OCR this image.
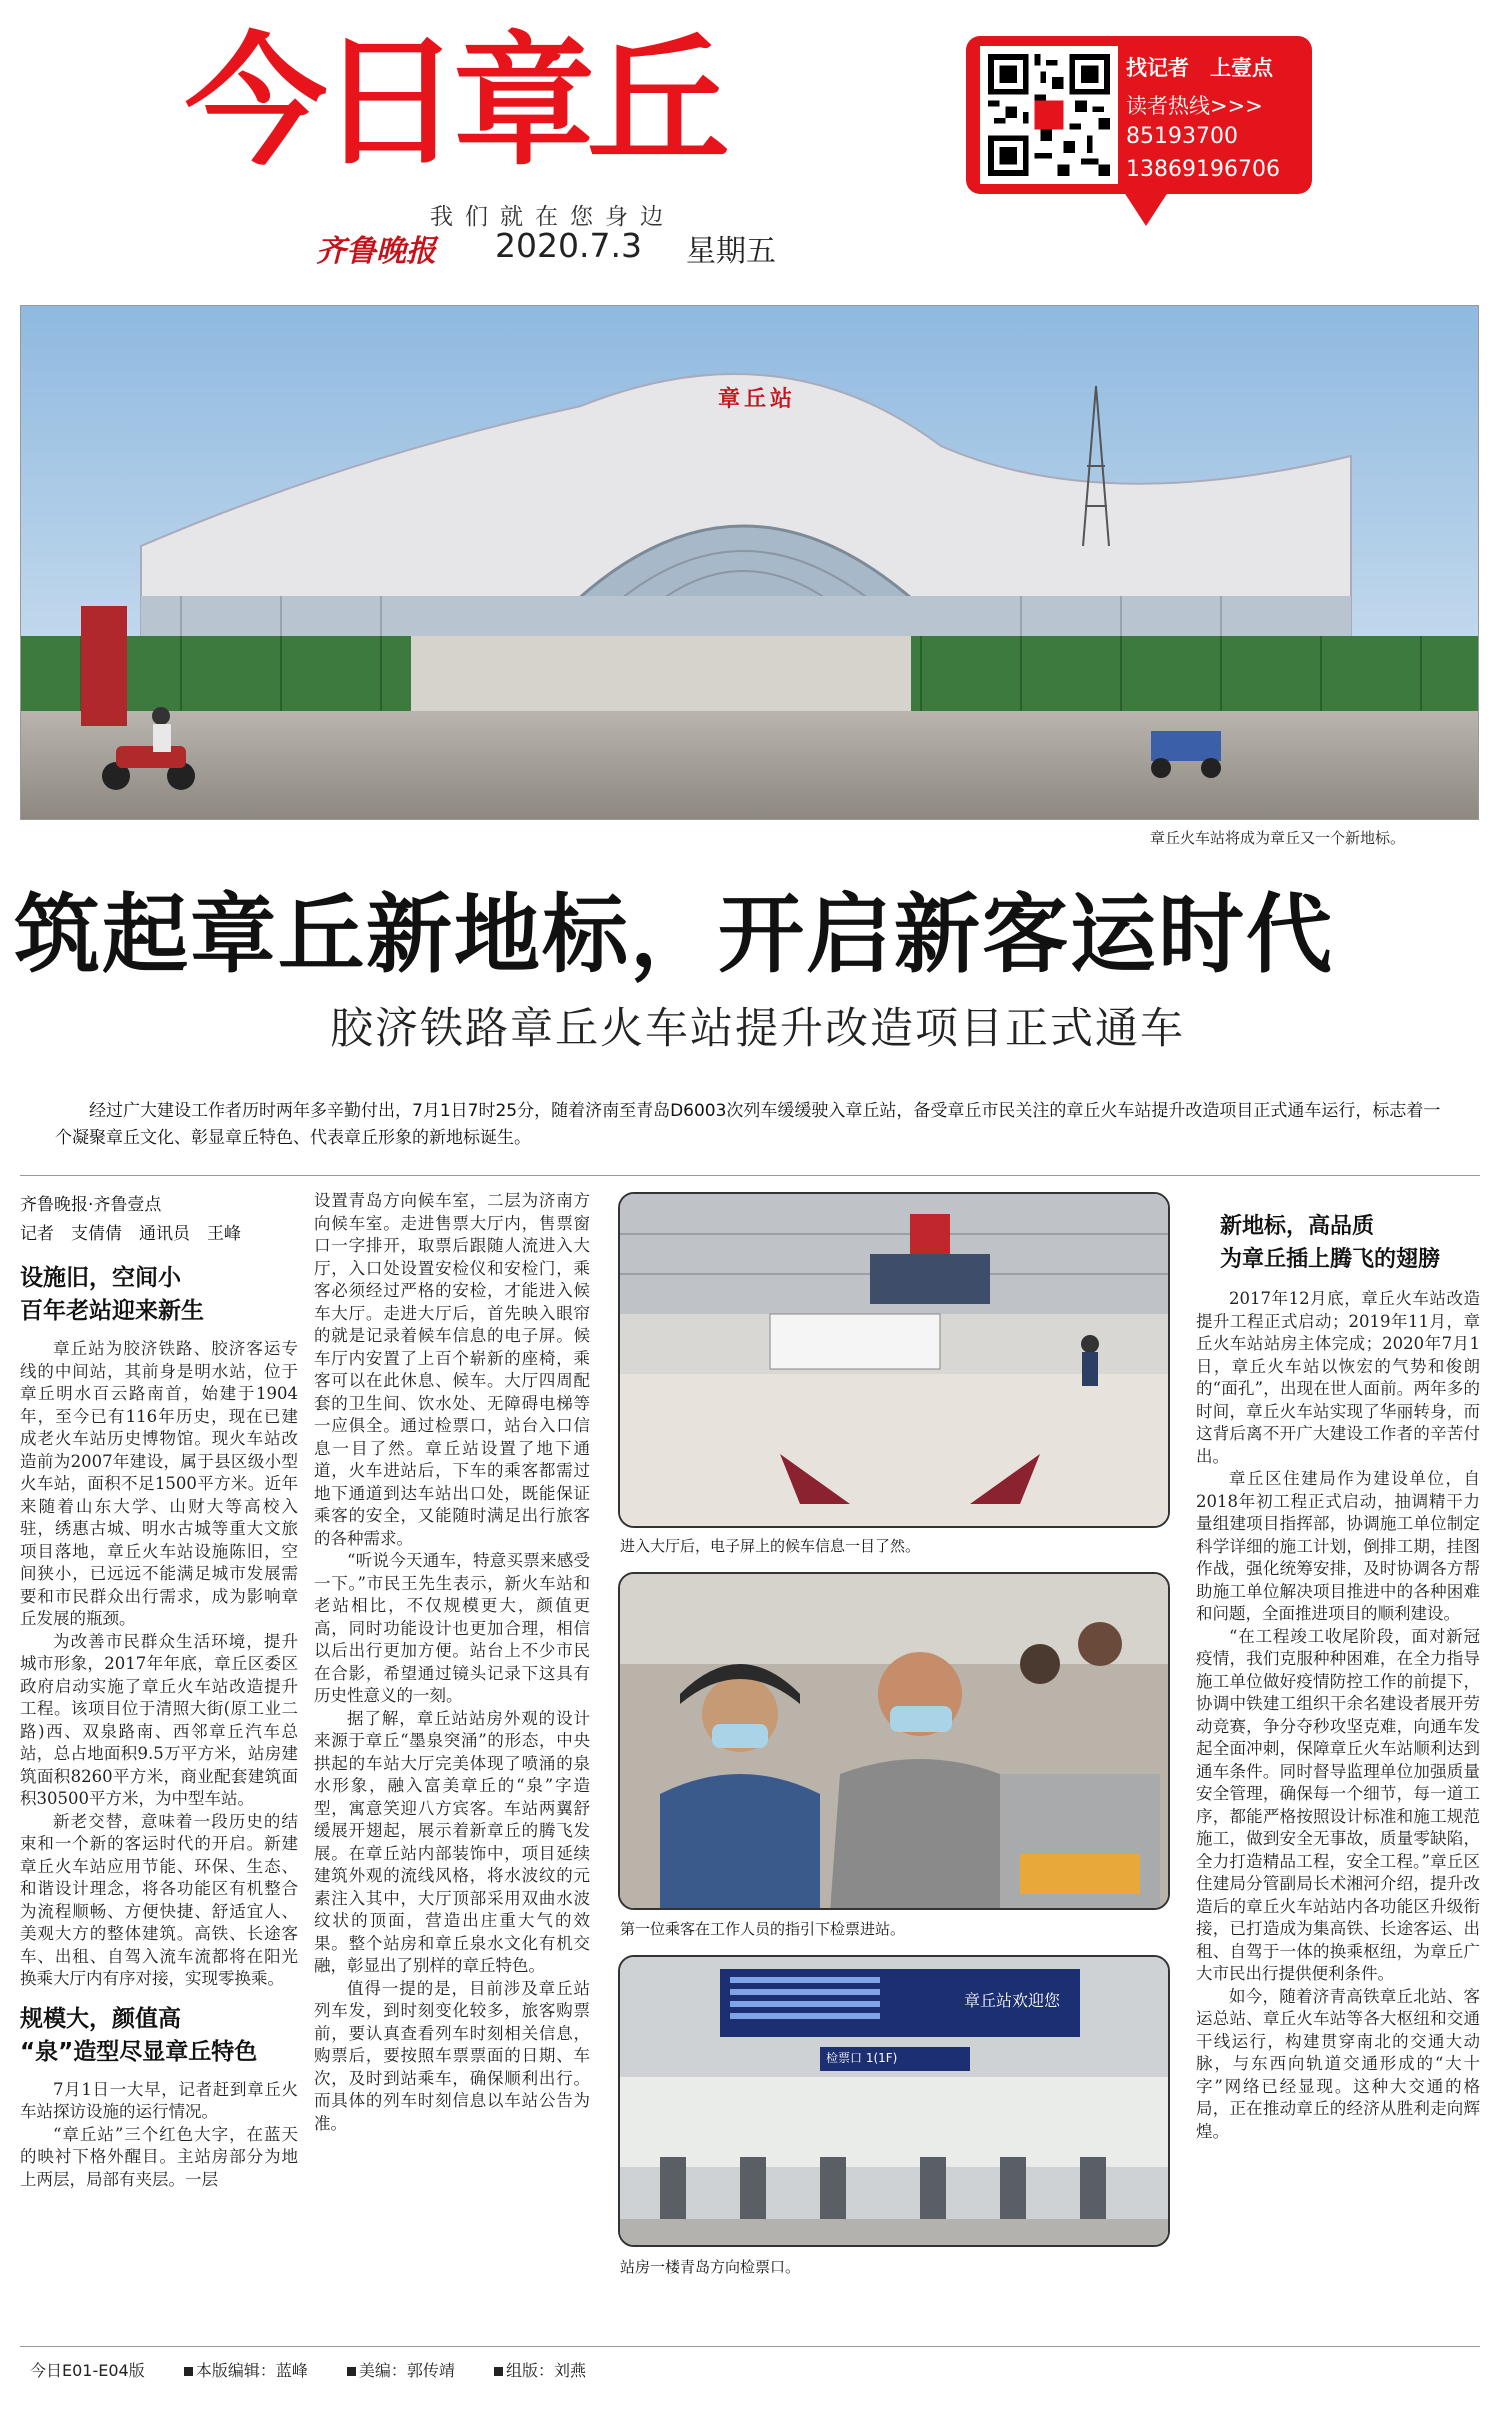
今日章丘
我们就在您身边
齐鲁晚报 2020.7.3 星期五
找记者　上壹点
读者热线>>>
85193700
13869196706
章丘站
章丘火车站将成为章丘又一个新地标。
筑起章丘新地标，开启新客运时代
胶济铁路章丘火车站提升改造项目正式通车
经过广大建设工作者历时两年多辛勤付出，7月1日7时25分，随着济南至青岛D6003次列车缓缓驶入章丘站，备受章丘市民关注的章丘火车站提升改造项目正式通车运行，标志着一个凝聚章丘文化、彰显章丘特色、代表章丘形象的新地标诞生。
齐鲁晚报·齐鲁壹点
记者　支倩倩　通讯员　王峰
设施旧，空间小
百年老站迎来新生

章丘站为胶济铁路、胶济客运专线的中间站，其前身是明水站，位于章丘明水百云路南首，始建于1904年，至今已有116年历史，现在已建成老火车站历史博物馆。现火车站改造前为2007年建设，属于县区级小型火车站，面积不足1500平方米。近年来随着山东大学、山财大等高校入驻，绣惠古城、明水古城等重大文旅项目落地，章丘火车站设施陈旧，空间狭小，已远远不能满足城市发展需要和市民群众出行需求，成为影响章丘发展的瓶颈。

为改善市民群众生活环境，提升城市形象，2017年年底，章丘区委区政府启动实施了章丘火车站改造提升工程。该项目位于清照大街(原工业二路)西、双泉路南、西邻章丘汽车总站，总占地面积9.5万平方米，站房建筑面积8260平方米，商业配套建筑面积30500平方米，为中型车站。

新老交替，意味着一段历史的结束和一个新的客运时代的开启。新建章丘火车站应用节能、环保、生态、和谐设计理念，将各功能区有机整合为流程顺畅、方便快捷、舒适宜人、美观大方的整体建筑。高铁、长途客车、出租、自驾入流车流都将在阳光换乘大厅内有序对接，实现零换乘。

规模大，颜值高
“泉”造型尽显章丘特色

7月1日一大早，记者赶到章丘火车站探访设施的运行情况。

“章丘站”三个红色大字，在蓝天的映衬下格外醒目。主站房部分为地上两层，局部有夹层。一层

设置青岛方向候车室，二层为济南方向候车室。走进售票大厅内，售票窗口一字排开，取票后跟随人流进入大厅，入口处设置安检仪和安检门，乘客必须经过严格的安检，才能进入候车大厅。走进大厅后，首先映入眼帘的就是记录着候车信息的电子屏。候车厅内安置了上百个崭新的座椅，乘客可以在此休息、候车。大厅四周配套的卫生间、饮水处、无障碍电梯等一应俱全。通过检票口，站台入口信息一目了然。章丘站设置了地下通道，火车进站后，下车的乘客都需过地下通道到达车站出口处，既能保证乘客的安全，又能随时满足出行旅客的各种需求。

“听说今天通车，特意买票来感受一下。”市民王先生表示，新火车站和老站相比，不仅规模更大，颜值更高，同时功能设计也更加合理，相信以后出行更加方便。站台上不少市民在合影，希望通过镜头记录下这具有历史性意义的一刻。

据了解，章丘站站房外观的设计来源于章丘“墨泉突涌”的形态，中央拱起的车站大厅完美体现了喷涌的泉水形象，融入富美章丘的“泉”字造型，寓意笑迎八方宾客。车站两翼舒缓展开翅起，展示着新章丘的腾飞发展。在章丘站内部装饰中，项目延续建筑外观的流线风格，将水波纹的元素注入其中，大厅顶部采用双曲水波纹状的顶面，营造出庄重大气的效果。整个站房和章丘泉水文化有机交融，彰显出了别样的章丘特色。

值得一提的是，目前涉及章丘站列车发，到时刻变化较多，旅客购票前，要认真查看列车时刻相关信息，购票后，要按照车票票面的日期、车次，及时到站乘车，确保顺利出行。而具体的列车时刻信息以车站公告为准。

进入大厅后，电子屏上的候车信息一目了然。
第一位乘客在工作人员的指引下检票进站。
章丘站欢迎您
检票口 1(1F)
站房一楼青岛方向检票口。
新地标，高品质
为章丘插上腾飞的翅膀

2017年12月底，章丘火车站改造提升工程正式启动；2019年11月，章丘火车站站房主体完成；2020年7月1日，章丘火车站以恢宏的气势和俊朗的“面孔”，出现在世人面前。两年多的时间，章丘火车站实现了华丽转身，而这背后离不开广大建设工作者的辛苦付出。

章丘区住建局作为建设单位，自2018年初工程正式启动，抽调精干力量组建项目指挥部，协调施工单位制定科学详细的施工计划，倒排工期，挂图作战，强化统筹安排，及时协调各方帮助施工单位解决项目推进中的各种困难和问题，全面推进项目的顺利建设。

“在工程竣工收尾阶段，面对新冠疫情，我们克服种种困难，在全力指导施工单位做好疫情防控工作的前提下，协调中铁建工组织干余名建设者展开劳动竞赛，争分夺秒攻坚克难，向通车发起全面冲刺，保障章丘火车站顺利达到通车条件。同时督导监理单位加强质量安全管理，确保每一个细节，每一道工序，都能严格按照设计标准和施工规范施工，做到安全无事故，质量零缺陷，全力打造精品工程，安全工程。”章丘区住建局分管副局长术湘河介绍，提升改造后的章丘火车站站内各功能区升级衔接，已打造成为集高铁、长途客运、出租、自驾于一体的换乘枢纽，为章丘广大市民出行提供便利条件。

如今，随着济青高铁章丘北站、客运总站、章丘火车站等各大枢纽和交通干线运行，构建贯穿南北的交通大动脉，与东西向轨道交通形成的“大十字”网络已经显现。这种大交通的格局，正在推动章丘的经济从胜利走向辉煌。

今日E01-E04版	本版编辑：蓝峰	美编：郭传靖	组版：刘燕
